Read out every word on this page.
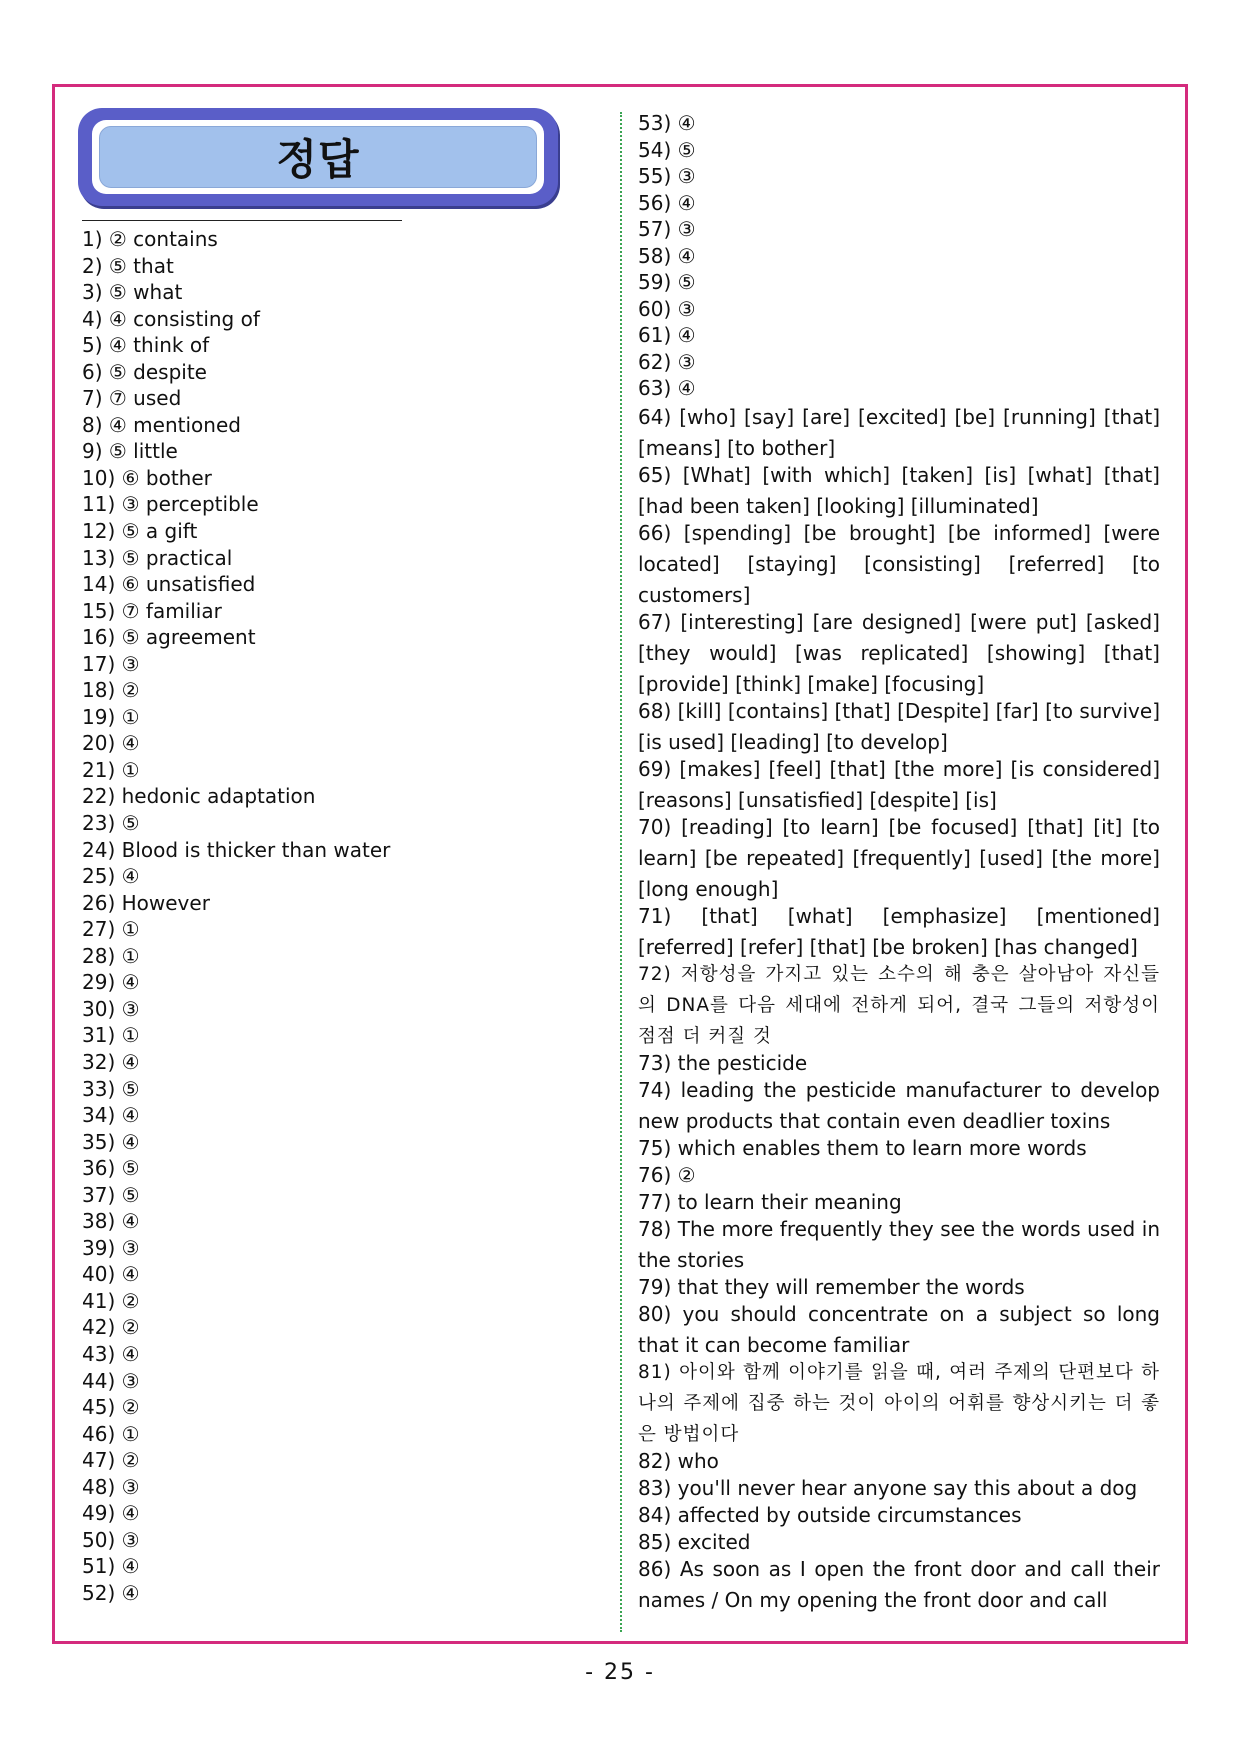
정답
1) ② contains
2) ⑤ that
3) ⑤ what
4) ④ consisting of
5) ④ think of
6) ⑤ despite
7) ⑦ used
8) ④ mentioned
9) ⑤ little
10) ⑥ bother
11) ③ perceptible
12) ⑤ a gift
13) ⑤ practical
14) ⑥ unsatisfied
15) ⑦ familiar
16) ⑤ agreement
17) ③
18) ②
19) ①
20) ④
21) ①
22) hedonic adaptation
23) ⑤
24) Blood is thicker than water
25) ④
26) However
27) ①
28) ①
29) ④
30) ③
31) ①
32) ④
33) ⑤
34) ④
35) ④
36) ⑤
37) ⑤
38) ④
39) ③
40) ④
41) ②
42) ②
43) ④
44) ③
45) ②
46) ①
47) ②
48) ③
49) ④
50) ③
51) ④
52) ④
53) ④
54) ⑤
55) ③
56) ④
57) ③
58) ④
59) ⑤
60) ③
61) ④
62) ③
63) ④
64) [who] [say] [are] [excited] [be] [running] [that] [means] [to bother]
65) [What] [with which] [taken] [is] [what] [that] [had been taken] [looking] [illuminated]
66) [spending] [be brought] [be informed] [were located] [staying] [consisting] [referred] [to customers]
67) [interesting] [are designed] [were put] [asked] [they would] [was replicated] [showing] [that] [provide] [think] [make] [focusing]
68) [kill] [contains] [that] [Despite] [far] [to survive] [is used] [leading] [to develop]
69) [makes] [feel] [that] [the more] [is considered] [reasons] [unsatisfied] [despite] [is]
70) [reading] [to learn] [be focused] [that] [it] [to learn] [be repeated] [frequently] [used] [the more] [long enough]
71) [that] [what] [emphasize] [mentioned] [referred] [refer] [that] [be broken] [has changed]
72) 저항성을 가지고 있는 소수의 해 충은 살아남아 자신들의 DNA를 다음 세대에 전하게 되어, 결국 그들의 저항성이 점점 더 커질 것
73) the pesticide
74) leading the pesticide manufacturer to develop new products that contain even deadlier toxins
75) which enables them to learn more words
76) ②
77) to learn their meaning
78) The more frequently they see the words used in the stories
79) that they will remember the words
80) you should concentrate on a subject so long that it can become familiar
81) 아이와 함께 이야기를 읽을 때, 여러 주제의 단편보다 하나의 주제에 집중 하는 것이 아이의 어휘를 향상시키는 더 좋은 방법이다
82) who
83) you'll never hear anyone say this about a dog
84) affected by outside circumstances
85) excited
86) As soon as I open the front door and call their names / On my opening the front door and call
- 25 -
